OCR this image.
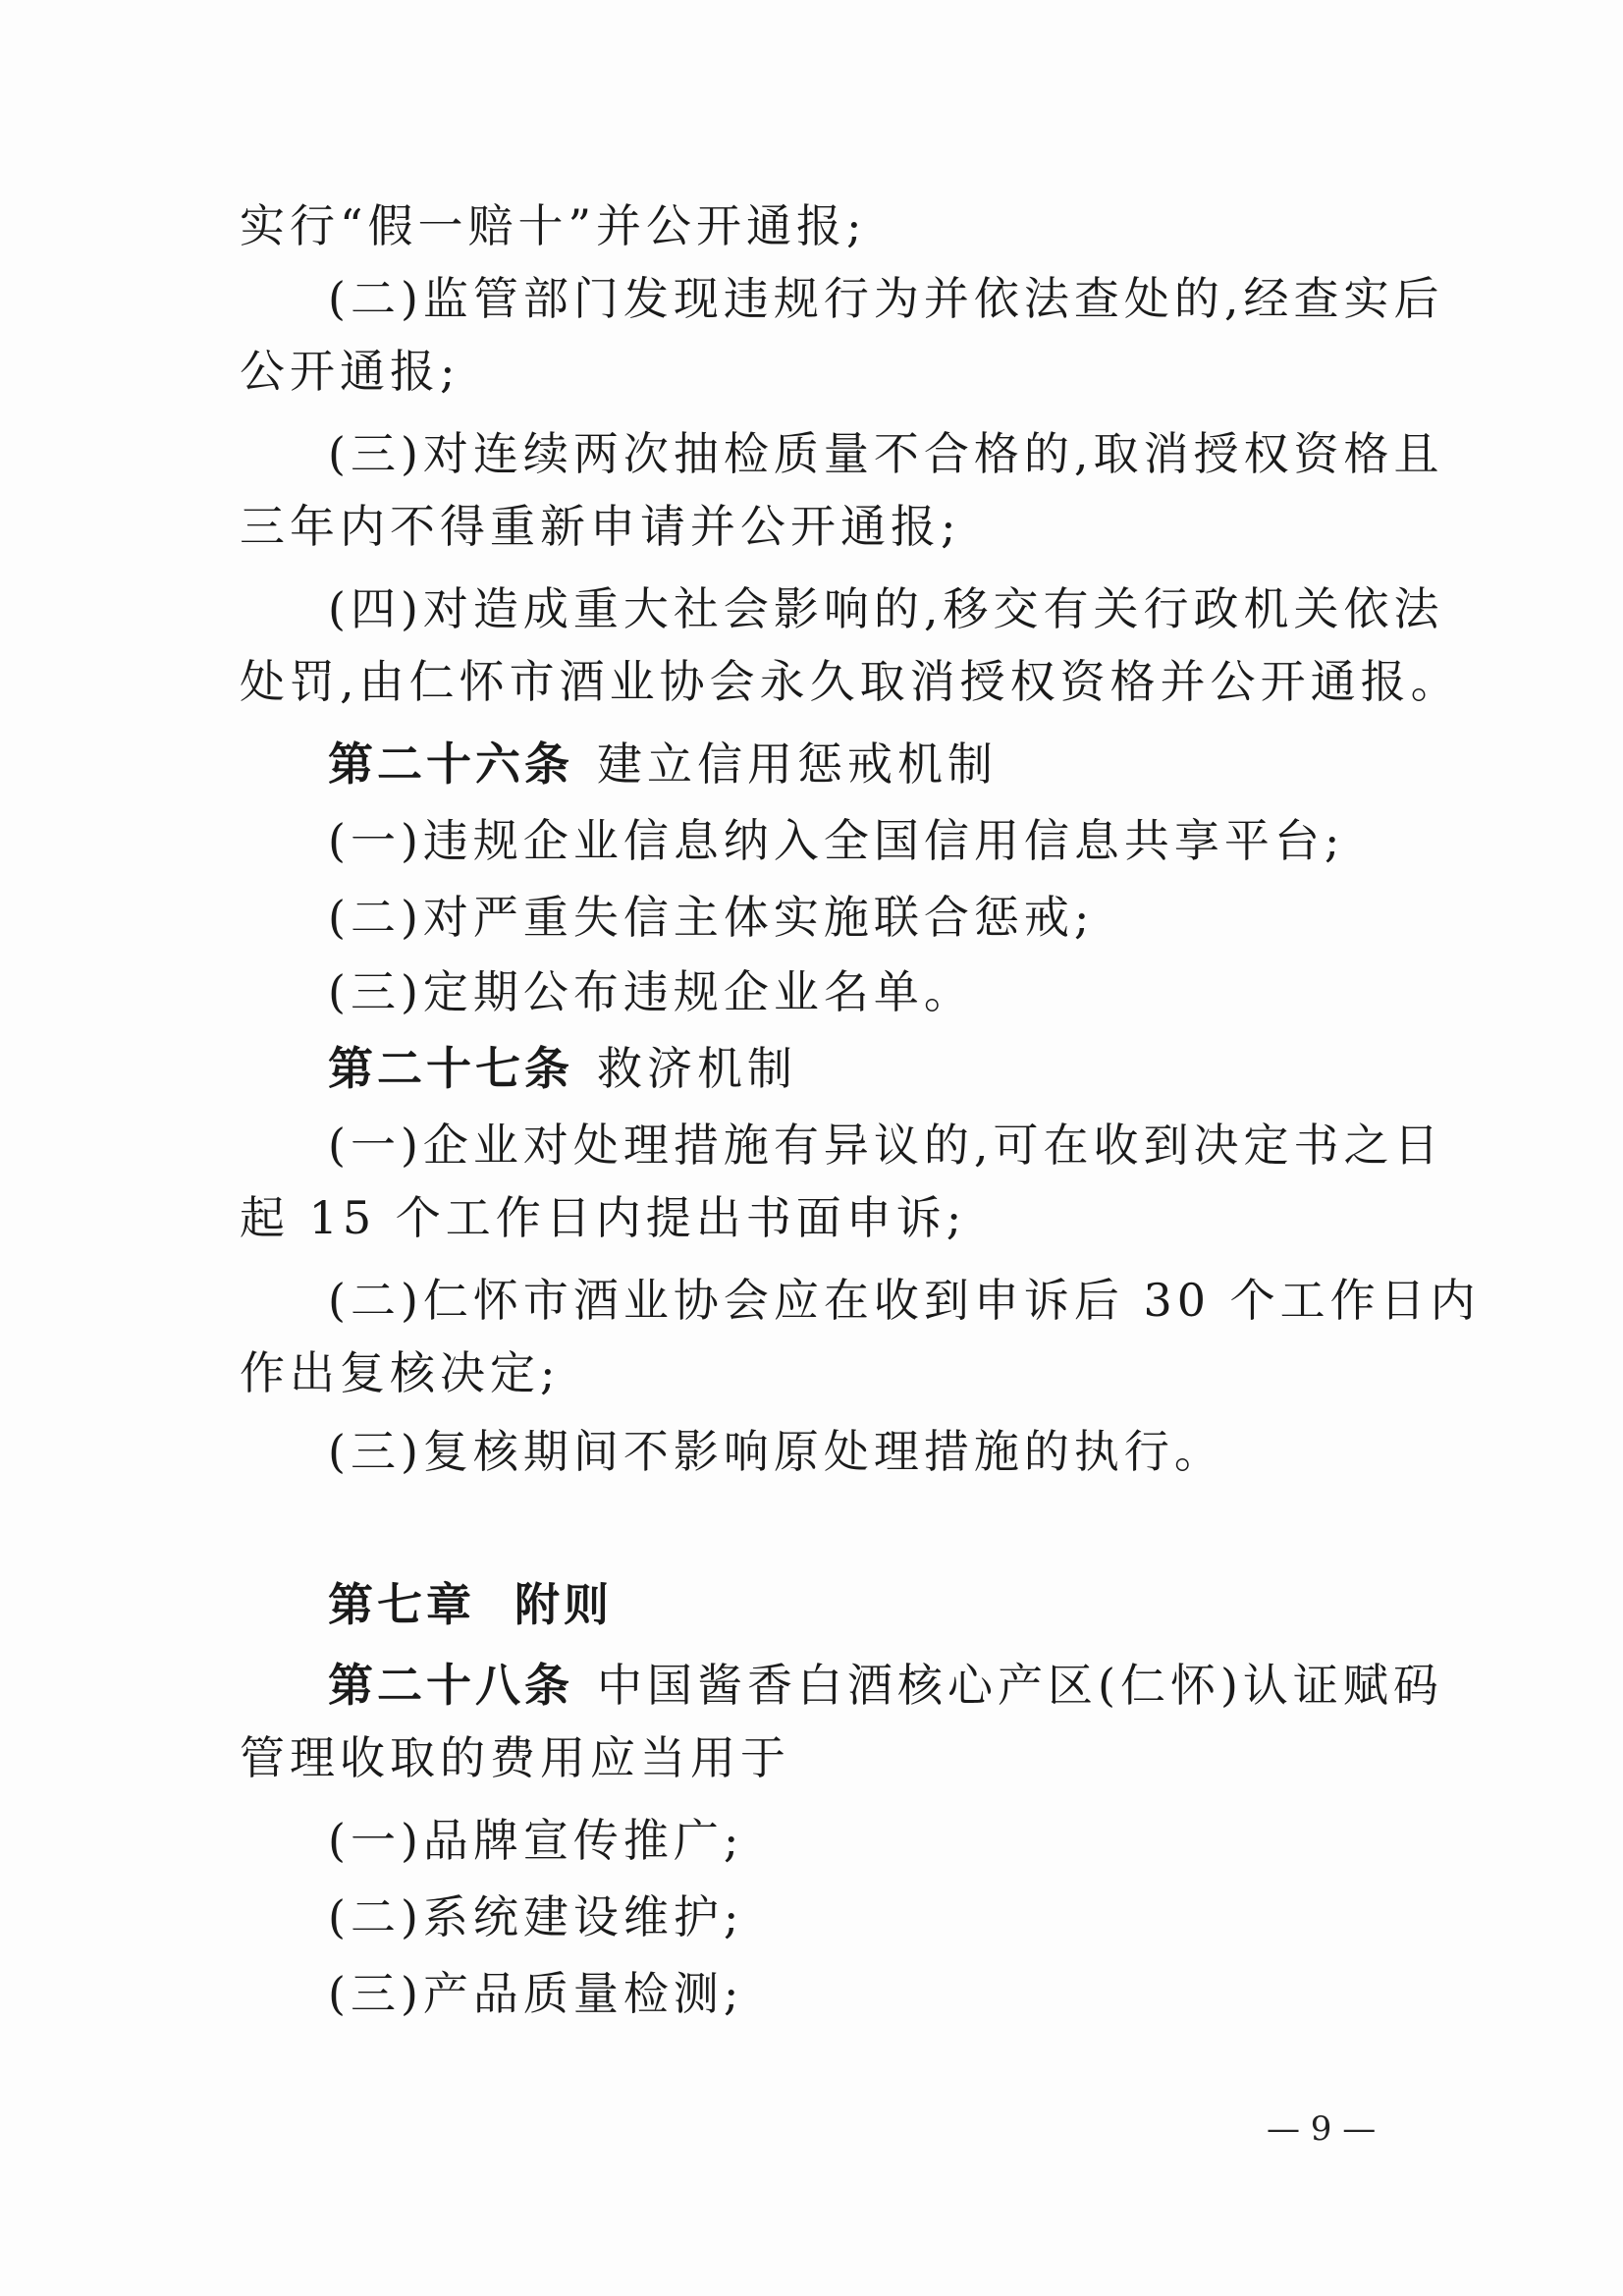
实行“假一赔十”并公开通报;
(二)监管部门发现违规行为并依法查处的,经查实后
公开通报;
(三)对连续两次抽检质量不合格的,取消授权资格且
三年内不得重新申请并公开通报;
(四)对造成重大社会影响的,移交有关行政机关依法
处罚,由仁怀市酒业协会永久取消授权资格并公开通报。
第二十六条 建立信用惩戒机制
(一)违规企业信息纳入全国信用信息共享平台;
(二)对严重失信主体实施联合惩戒;
(三)定期公布违规企业名单。
第二十七条 救济机制
(一)企业对处理措施有异议的,可在收到决定书之日
起 15 个工作日内提出书面申诉;
(二)仁怀市酒业协会应在收到申诉后 30 个工作日内
作出复核决定;
(三)复核期间不影响原处理措施的执行。
第七章  附则
第二十八条 中国酱香白酒核心产区(仁怀)认证赋码
管理收取的费用应当用于
(一)品牌宣传推广;
(二)系统建设维护;
(三)产品质量检测;
— 9 —
